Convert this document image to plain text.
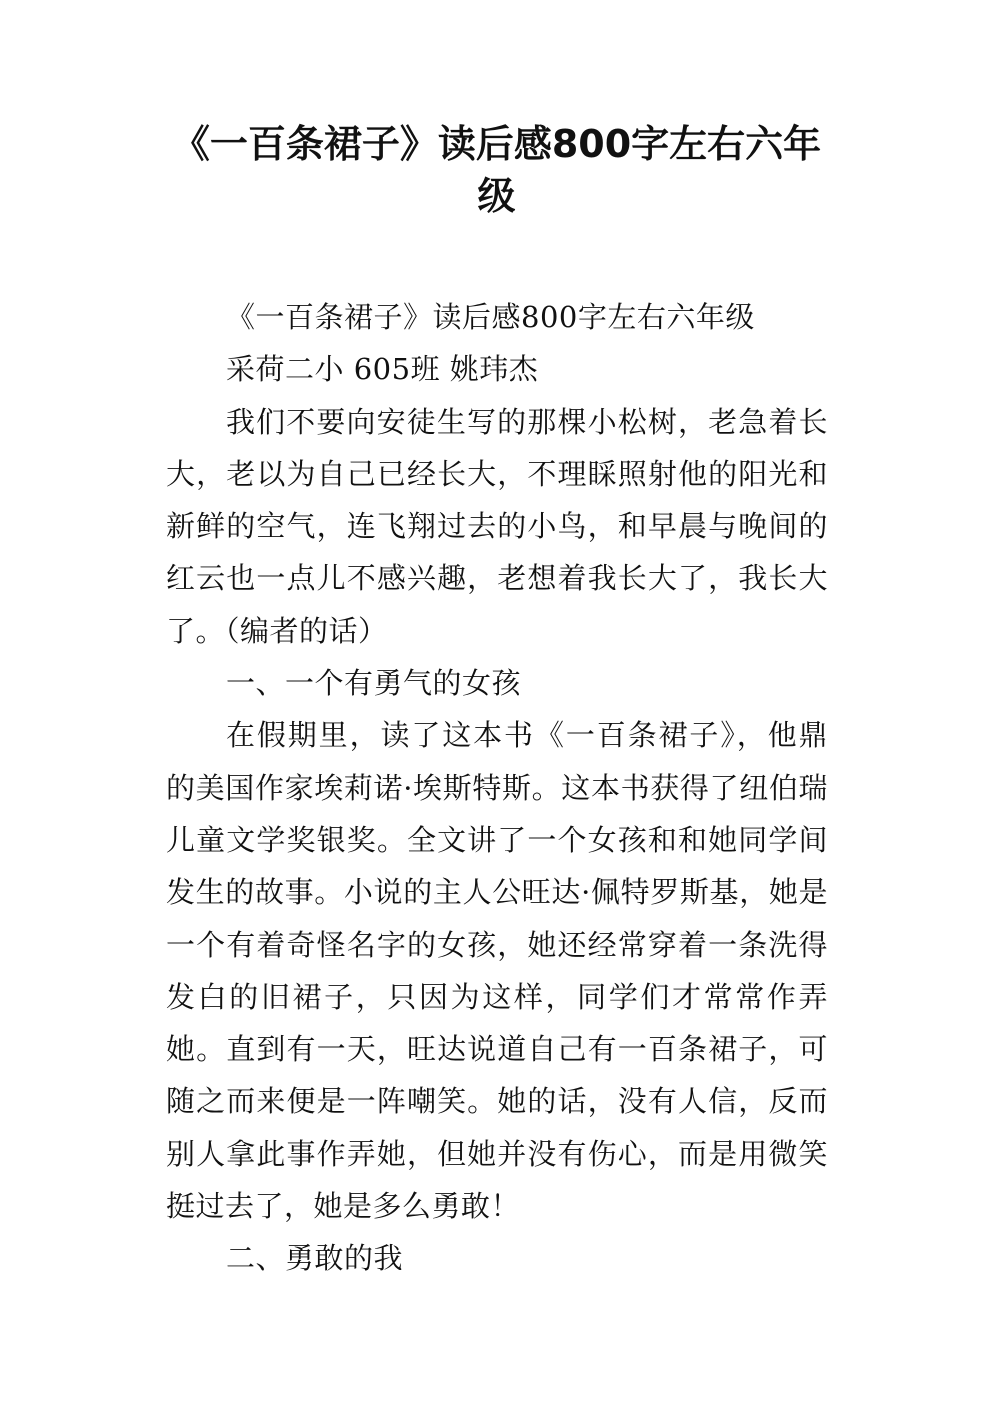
《一百条裙子》读后感800字左右六年级

《一百条裙子》读后感800字左右六年级

采荷二小 605班 姚玮杰

我们不要向安徒生写的那棵小松树，老急着长大，老以为自己已经长大，不理睬照射他的阳光和新鲜的空气，连飞翔过去的小鸟，和早晨与晚间的红云也一点儿不感兴趣，老想着我长大了，我长大了。（编者的话）

一、一个有勇气的女孩

在假期里，读了这本书《一百条裙子》，他鼎的美国作家埃莉诺·埃斯特斯。这本书获得了纽伯瑞儿童文学奖银奖。全文讲了一个女孩和和她同学间发生的故事。小说的主人公旺达·佩特罗斯基，她是一个有着奇怪名字的女孩，她还经常穿着一条洗得发白的旧裙子，只因为这样，同学们才常常作弄她。直到有一天，旺达说道自己有一百条裙子，可随之而来便是一阵嘲笑。她的话，没有人信，反而别人拿此事作弄她，但她并没有伤心，而是用微笑挺过去了，她是多么勇敢！

二、勇敢的我
